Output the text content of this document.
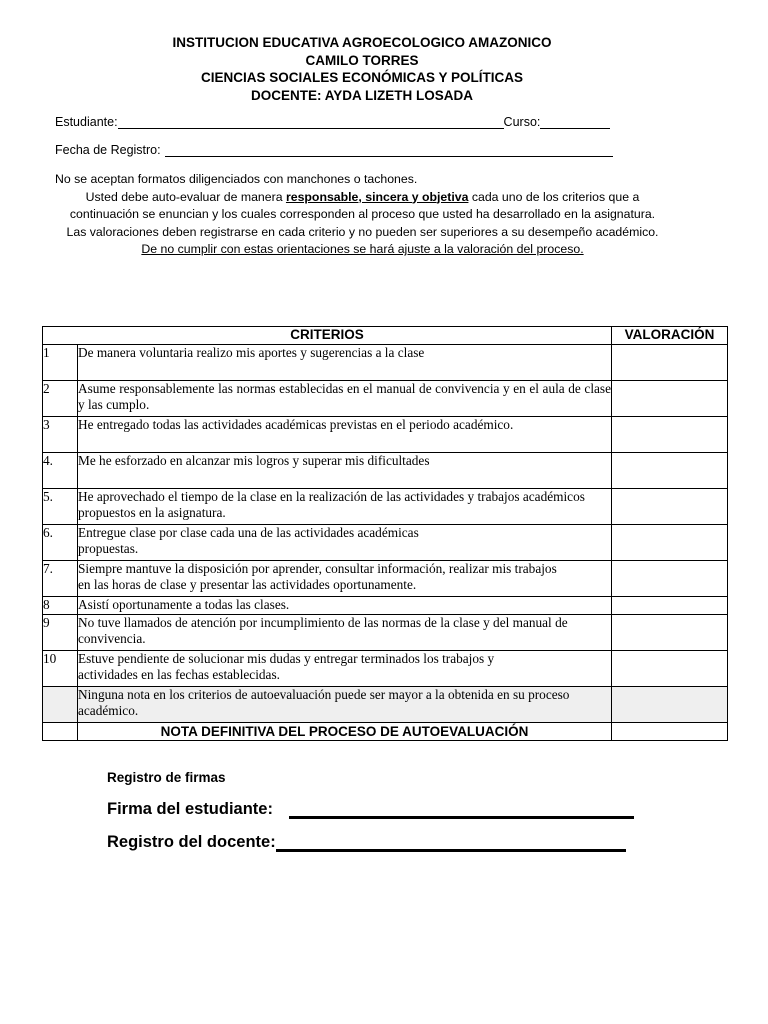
INSTITUCION EDUCATIVA AGROECOLOGICO AMAZONICO
CAMILO TORRES
CIENCIAS SOCIALES ECONÓMICAS Y POLÍTICAS
DOCENTE: AYDA LIZETH LOSADA
Estudiante:	Curso:
Fecha de Registro:
No se aceptan formatos diligenciados con manchones o tachones.
Usted debe auto-evaluar de manera responsable, sincera y objetiva cada uno de los criterios que a
continuación se enuncian y los cuales corresponden al proceso que usted ha desarrollado en la asignatura.
Las valoraciones deben registrarse en cada criterio y no pueden ser superiores a su desempeño académico.
De no cumplir con estas orientaciones se hará ajuste a la valoración del proceso.
CRITERIOS		VALORACIÓN
1	De manera voluntaria realizo mis aportes y sugerencias a la clase	
2	Asume responsablemente las normas establecidas en el manual de convivencia y en el aula de clase y las cumplo.	
3	He entregado todas las actividades académicas previstas en el periodo académico.	
4.	Me he esforzado en alcanzar mis logros y superar mis dificultades	
5.	He aprovechado el tiempo de la clase en la realización de las actividades y trabajos académicos propuestos en la asignatura.	
6.	Entregue clase por clase cada una de las actividades académicas propuestas.	
7.	Siempre mantuve la disposición por aprender, consultar información, realizar mis trabajos en las horas de clase y presentar las actividades oportunamente.	
8	Asistí oportunamente a todas las clases.	
9	No tuve llamados de atención por incumplimiento de las normas de la clase y del manual de convivencia.	
10	Estuve pendiente de solucionar mis dudas y entregar terminados los trabajos y actividades en las fechas establecidas.	
	Ninguna nota en los criterios de autoevaluación puede ser mayor a la obtenida en su proceso académico.	
	NOTA DEFINITIVA DEL PROCESO DE AUTOEVALUACIÓN	
Registro de firmas
Firma del estudiante:
Registro del docente:
